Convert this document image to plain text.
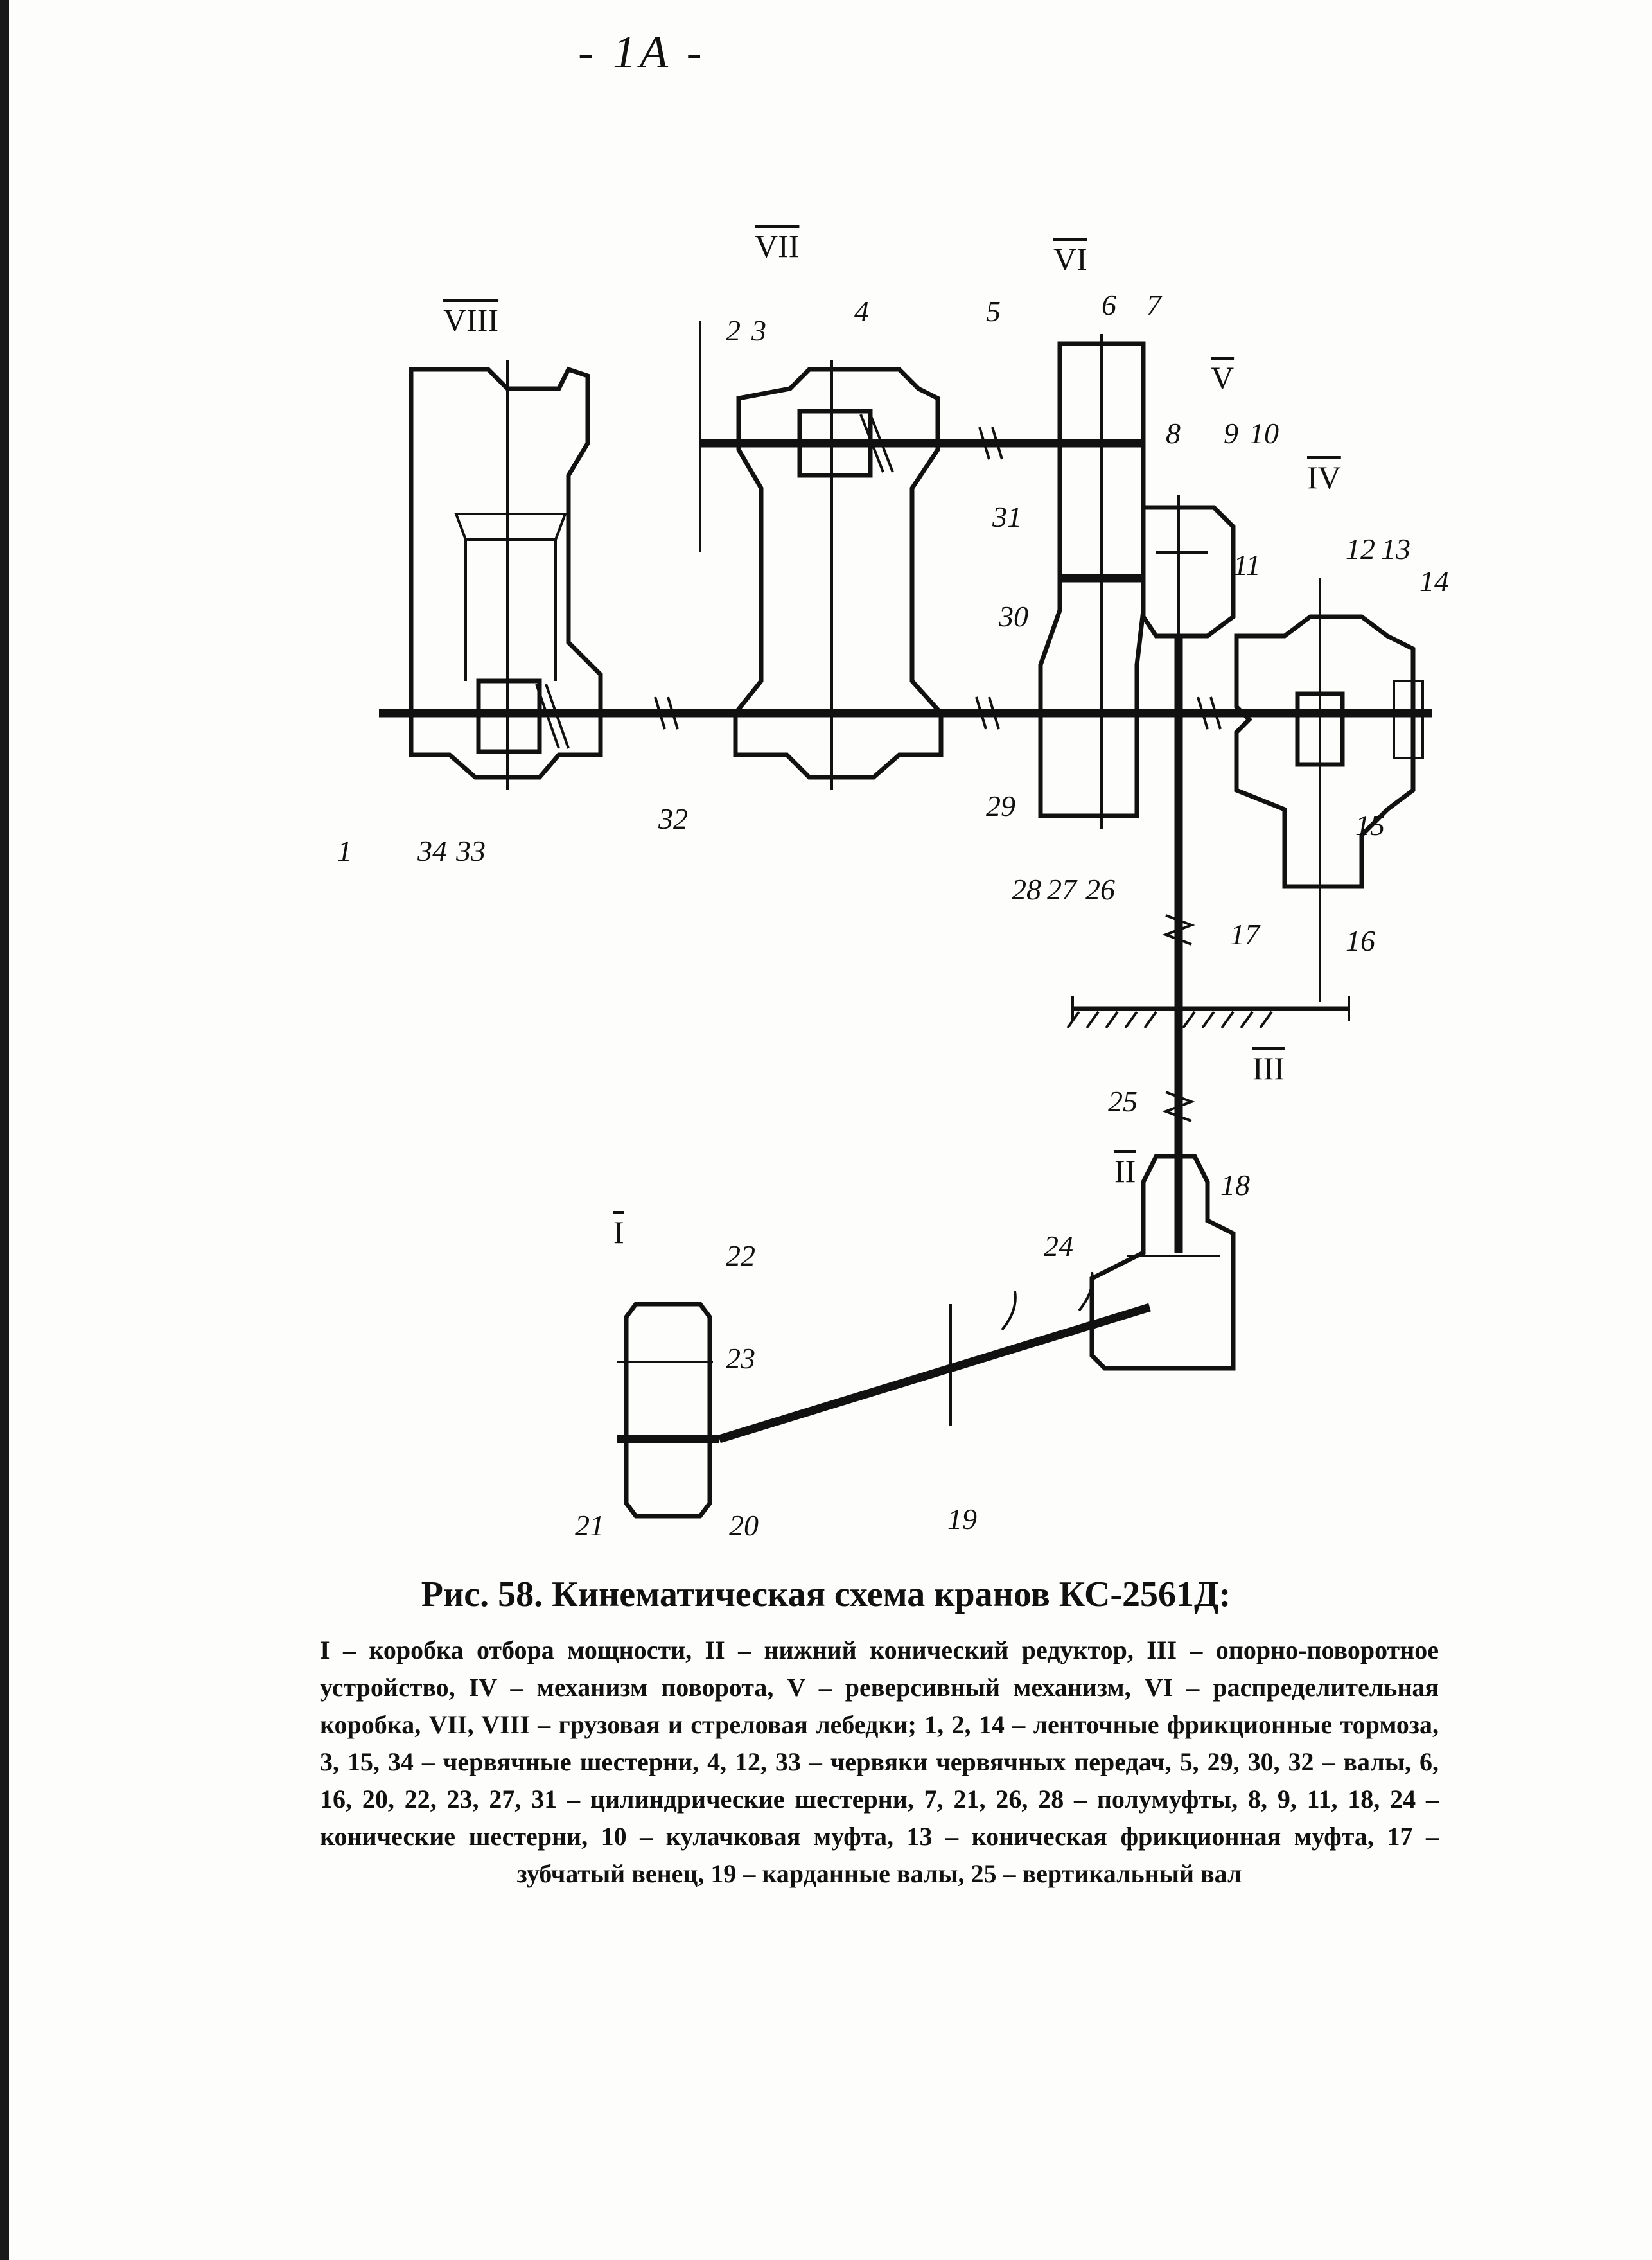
- 1A -
VIII
VII	VI
V
IV
III
II
I
1
2 3
4	5	6 7
8 9 10
11	12 13
14
15
16
17
18
19
20
21
22
23
24
25
26
27
28
29
30
31
32
33
34
Рис. 58. Кинематическая схема кранов КС-2561Д:
I – коробка отбора мощности, II – нижний конический редуктор, III – опорно-поворотное устройство, IV – механизм поворота, V – реверсивный механизм, VI – распределительная коробка, VII, VIII – грузовая и стреловая лебедки; 1, 2, 14 – ленточные фрикционные тормоза, 3, 15, 34 – червячные шестерни, 4, 12, 33 – червяки червячных передач, 5, 29, 30, 32 – валы, 6, 16, 20, 22, 23, 27, 31 – цилиндрические шестерни, 7, 21, 26, 28 – полумуфты, 8, 9, 11, 18, 24 – конические шестерни, 10 – кулачковая муфта, 13 – коническая фрикционная муфта, 17 – зубчатый венец, 19 – карданные валы, 25 – вертикальный вал
